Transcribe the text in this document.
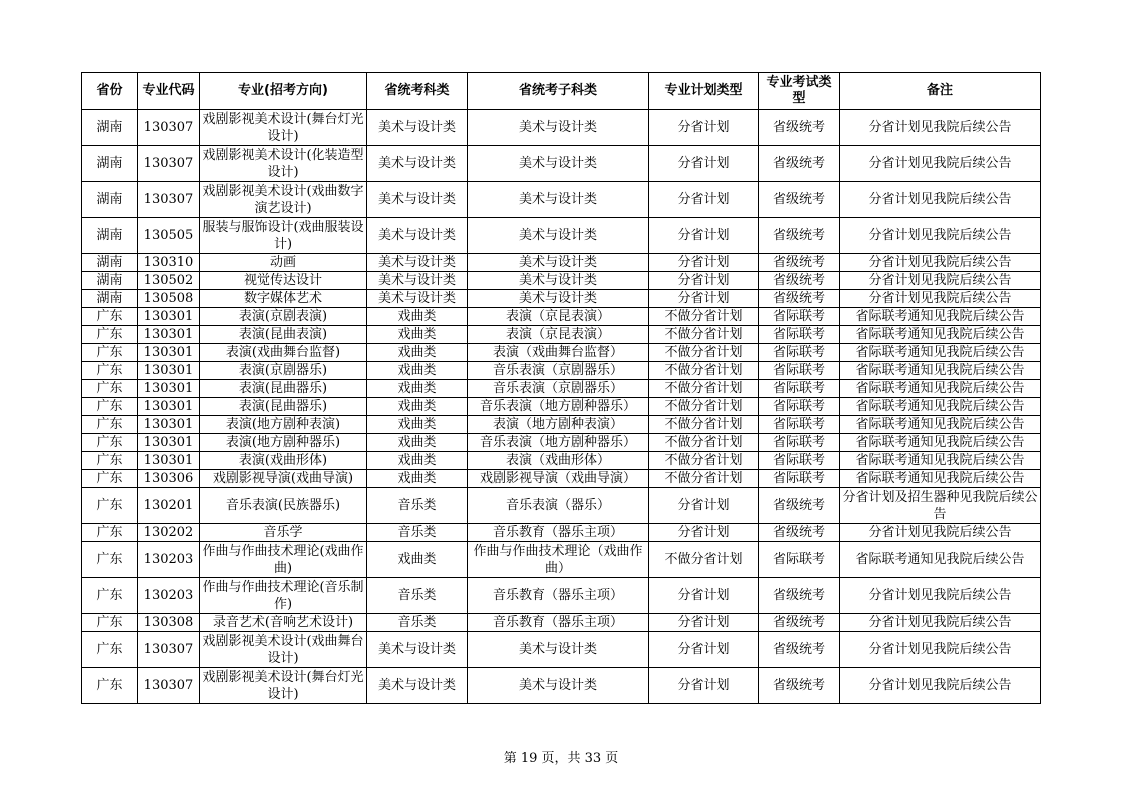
省份	专业代码	专业(招考方向)	省统考科类	省统考子科类	专业计划类型	专业考试类型	备注
湖南	130307	戏剧影视美术设计(舞台灯光设计)	美术与设计类	美术与设计类	分省计划	省级统考	分省计划见我院后续公告
湖南	130307	戏剧影视美术设计(化装造型设计)	美术与设计类	美术与设计类	分省计划	省级统考	分省计划见我院后续公告
湖南	130307	戏剧影视美术设计(戏曲数字演艺设计)	美术与设计类	美术与设计类	分省计划	省级统考	分省计划见我院后续公告
湖南	130505	服装与服饰设计(戏曲服装设计)	美术与设计类	美术与设计类	分省计划	省级统考	分省计划见我院后续公告
湖南	130310	动画	美术与设计类	美术与设计类	分省计划	省级统考	分省计划见我院后续公告
湖南	130502	视觉传达设计	美术与设计类	美术与设计类	分省计划	省级统考	分省计划见我院后续公告
湖南	130508	数字媒体艺术	美术与设计类	美术与设计类	分省计划	省级统考	分省计划见我院后续公告
广东	130301	表演(京剧表演)	戏曲类	表演（京昆表演）	不做分省计划	省际联考	省际联考通知见我院后续公告
广东	130301	表演(昆曲表演)	戏曲类	表演（京昆表演）	不做分省计划	省际联考	省际联考通知见我院后续公告
广东	130301	表演(戏曲舞台监督)	戏曲类	表演（戏曲舞台监督）	不做分省计划	省际联考	省际联考通知见我院后续公告
广东	130301	表演(京剧器乐)	戏曲类	音乐表演（京剧器乐）	不做分省计划	省际联考	省际联考通知见我院后续公告
广东	130301	表演(昆曲器乐)	戏曲类	音乐表演（京剧器乐）	不做分省计划	省际联考	省际联考通知见我院后续公告
广东	130301	表演(昆曲器乐)	戏曲类	音乐表演（地方剧种器乐）	不做分省计划	省际联考	省际联考通知见我院后续公告
广东	130301	表演(地方剧种表演)	戏曲类	表演（地方剧种表演）	不做分省计划	省际联考	省际联考通知见我院后续公告
广东	130301	表演(地方剧种器乐)	戏曲类	音乐表演（地方剧种器乐）	不做分省计划	省际联考	省际联考通知见我院后续公告
广东	130301	表演(戏曲形体)	戏曲类	表演（戏曲形体）	不做分省计划	省际联考	省际联考通知见我院后续公告
广东	130306	戏剧影视导演(戏曲导演)	戏曲类	戏剧影视导演（戏曲导演）	不做分省计划	省际联考	省际联考通知见我院后续公告
广东	130201	音乐表演(民族器乐)	音乐类	音乐表演（器乐）	分省计划	省级统考	分省计划及招生器种见我院后续公告
广东	130202	音乐学	音乐类	音乐教育（器乐主项）	分省计划	省级统考	分省计划见我院后续公告
广东	130203	作曲与作曲技术理论(戏曲作曲)	戏曲类	作曲与作曲技术理论（戏曲作曲）	不做分省计划	省际联考	省际联考通知见我院后续公告
广东	130203	作曲与作曲技术理论(音乐制作)	音乐类	音乐教育（器乐主项）	分省计划	省级统考	分省计划见我院后续公告
广东	130308	录音艺术(音响艺术设计)	音乐类	音乐教育（器乐主项）	分省计划	省级统考	分省计划见我院后续公告
广东	130307	戏剧影视美术设计(戏曲舞台设计)	美术与设计类	美术与设计类	分省计划	省级统考	分省计划见我院后续公告
广东	130307	戏剧影视美术设计(舞台灯光设计)	美术与设计类	美术与设计类	分省计划	省级统考	分省计划见我院后续公告
第 19 页，共 33 页
